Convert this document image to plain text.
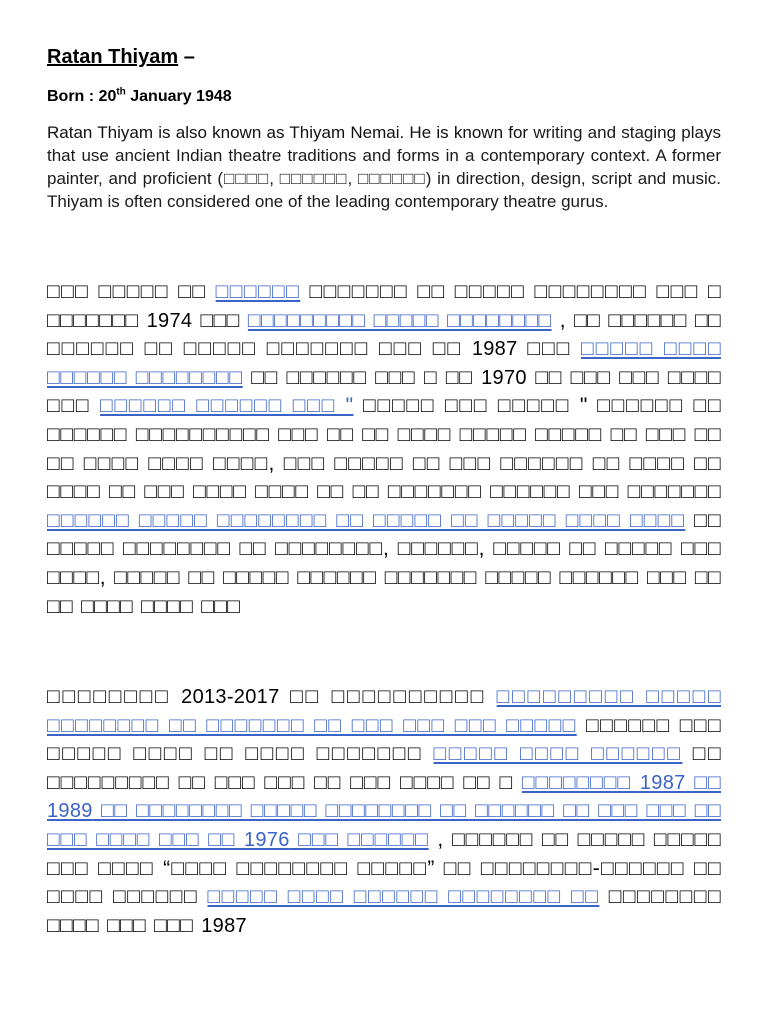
Ratan Thiyam –
Born : 20th January 1948
Ratan Thiyam is also known as Thiyam Nemai. He is known for writing and staging plays that use ancient Indian theatre traditions and forms in a contemporary context. A former painter, and proficient (□□□□, □□□□□□, □□□□□□) in direction, design, script and music. Thiyam is often considered one of the leading contemporary theatre gurus.
□□□ □□□□□ □□ □□□□□□ □□□□□□□ □□ □□□□□ □□□□□□□□ □□□ □ □□□□□□□ 1974 □□□ □□□□□□□□□ □□□□□ □□□□□□□□ , □□ □□□□□□ □□ □□□□□□ □□ □□□□□ □□□□□□□ □□□ □□ 1987 □□□ □□□□□ □□□□ □□□□□□ □□□□□□□□ □□ □□□□□□ □□□ □ □□ 1970 □□ □□□ □□□ □□□□ □□□ □□□□□□ □□□□□□ □□□ " □□□□□ □□□ □□□□□ " □□□□□□ □□ □□□□□□ □□□□□□□□□□ □□□ □□ □□ □□□□ □□□□□ □□□□□ □□ □□□ □□ □□ □□□□ □□□□ □□□□, □□□ □□□□□ □□ □□□ □□□□□□ □□ □□□□ □□ □□□□ □□ □□□ □□□□ □□□□ □□ □□ □□□□□□□ □□□□□□ □□□ □□□□□□□ □□□□□□ □□□□□ □□□□□□□□ □□ □□□□□ □□ □□□□□ □□□□ □□□□ □□ □□□□□ □□□□□□□□ □□ □□□□□□□□, □□□□□□, □□□□□ □□ □□□□□ □□□ □□□□, □□□□□ □□ □□□□□ □□□□□□ □□□□□□□ □□□□□ □□□□□□ □□□ □□ □□ □□□□ □□□□ □□□
□□□□□□□□ 2013-2017 □□ □□□□□□□□□□ □□□□□□□□□ □□□□□ □□□□□□□□ □□ □□□□□□□ □□ □□□ □□□ □□□ □□□□□ □□□□□□ □□□ □□□□□ □□□□ □□ □□□□ □□□□□□□ □□□□□ □□□□ □□□□□□ □□ □□□□□□□□□ □□ □□□ □□□ □□ □□□ □□□□ □□ □ □□□□□□□□ 1987 □□ 1989 □□ □□□□□□□□ □□□□□ □□□□□□□□ □□ □□□□□□ □□ □□□ □□□ □□ □□□ □□□□ □□□ □□ 1976 □□□ □□□□□□ , □□□□□□ □□ □□□□□ □□□□□ □□□ □□□□ “□□□□ □□□□□□□□ □□□□□” □□ □□□□□□□□-□□□□□□ □□ □□□□ □□□□□□ □□□□□ □□□□ □□□□□□ □□□□□□□□ □□ □□□□□□□□ □□□□ □□□ □□□ 1987
